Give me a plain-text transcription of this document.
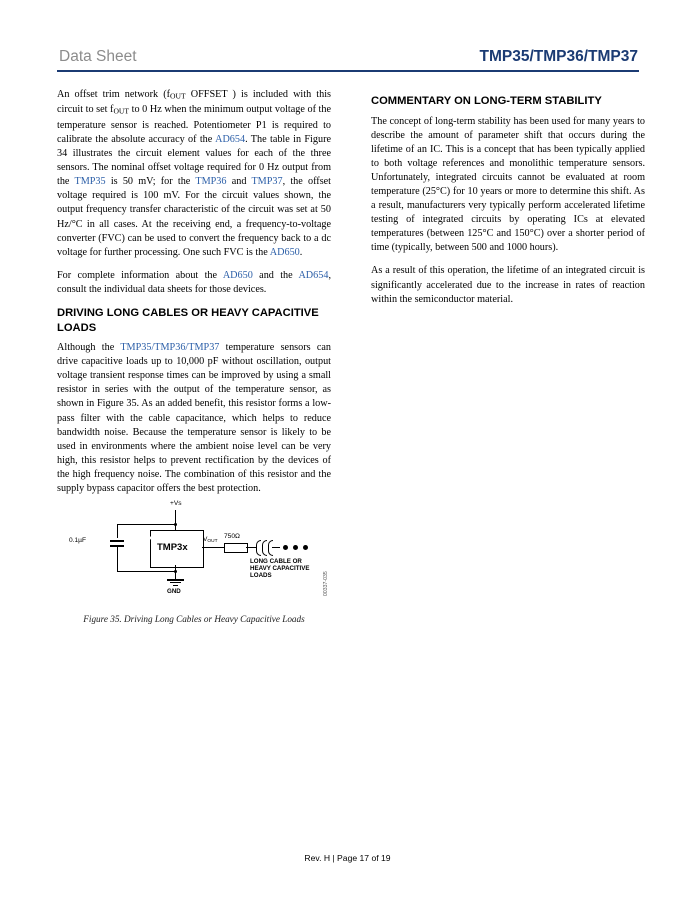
Data Sheet	TMP35/TMP36/TMP37

An offset trim network (fOUT OFFSET ) is included with this circuit to set fOUT to 0 Hz when the minimum output voltage of the temperature sensor is reached. Potentiometer P1 is required to calibrate the absolute accuracy of the AD654. The table in Figure 34 illustrates the circuit element values for each of the three sensors. The nominal offset voltage required for 0 Hz output from the TMP35 is 50 mV; for the TMP36 and TMP37, the offset voltage required is 100 mV. For the circuit values shown, the output frequency transfer characteristic of the circuit was set at 50 Hz/°C in all cases. At the receiving end, a frequency-to-voltage converter (FVC) can be used to convert the frequency back to a dc voltage for further processing. One such FVC is the AD650.

For complete information about the AD650 and the AD654, consult the individual data sheets for those devices.

DRIVING LONG CABLES OR HEAVY CAPACITIVE LOADS

Although the TMP35/TMP36/TMP37 temperature sensors can drive capacitive loads up to 10,000 pF without oscillation, output voltage transient response times can be improved by using a small resistor in series with the output of the temperature sensor, as shown in Figure 35. As an added benefit, this resistor forms a low-pass filter with the cable capacitance, which helps to reduce bandwidth noise. Because the temperature sensor is likely to be used in environments where the ambient noise level can be very high, this resistor helps to prevent rectification by the devices of the high frequency noise. The combination of this resistor and the supply bypass capacitor offers the best protection.

+Vs
0.1µF
TMP3x
GND
VOUT
750Ω
LONG CABLE OR
HEAVY CAPACITIVE
LOADS	00337-035
Figure 35. Driving Long Cables or Heavy Capacitive Loads
COMMENTARY ON LONG-TERM STABILITY

The concept of long-term stability has been used for many years to describe the amount of parameter shift that occurs during the lifetime of an IC. This is a concept that has been typically applied to both voltage references and monolithic temperature sensors. Unfortunately, integrated circuits cannot be evaluated at room temperature (25°C) for 10 years or more to determine this shift. As a result, manufacturers very typically perform accelerated lifetime testing of integrated circuits by operating ICs at elevated temperatures (between 125°C and 150°C) over a shorter period of time (typically, between 500 and 1000 hours).

As a result of this operation, the lifetime of an integrated circuit is significantly accelerated due to the increase in rates of reaction within the semiconductor material.

Rev. H | Page 17 of 19
